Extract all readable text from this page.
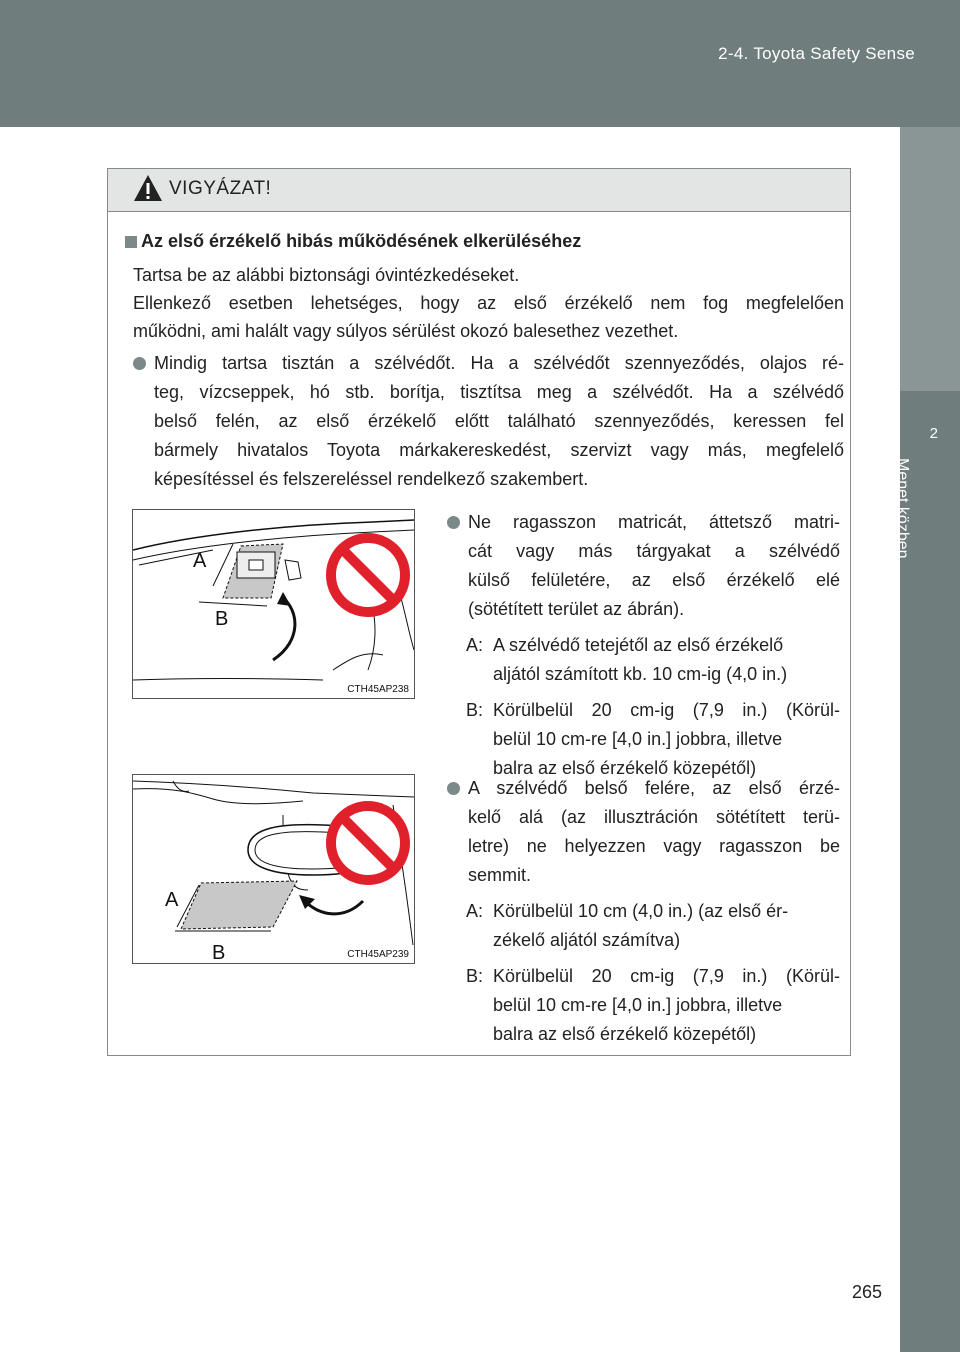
2-4. Toyota Safety Sense
2
Menet közben
VIGYÁZAT!
Az első érzékelő hibás működésének elkerüléséhez
Tartsa be az alábbi biztonsági óvintézkedéseket.
Ellenkező esetben lehetséges, hogy az első érzékelő nem fog megfelelően
működni, ami halált vagy súlyos sérülést okozó balesethez vezethet.
Mindig tartsa tisztán a szélvédőt. Ha a szélvédőt szennyeződés, olajos ré-
teg, vízcseppek, hó stb. borítja, tisztítsa meg a szélvédőt. Ha a szélvédő
belső felén, az első érzékelő előtt található szennyeződés, keressen fel
bármely hivatalos Toyota márkakereskedést, szervizt vagy más, megfelelő
képesítéssel és felszereléssel rendelkező szakembert.
A
B
CTH45AP238
Ne ragasszon matricát, áttetsző matri-
cát vagy más tárgyakat a szélvédő
külső felületére, az első érzékelő elé
(sötétített terület az ábrán).
A: A szélvédő tetejétől az első érzékelő
aljától számított kb. 10 cm-ig (4,0 in.)
B: Körülbelül 20 cm-ig (7,9 in.) (Körül-
belül 10 cm-re [4,0 in.] jobbra, illetve
balra az első érzékelő közepétől)
A
B	CTH45AP239
A szélvédő belső felére, az első érzé-
kelő alá (az illusztráción sötétített terü-
letre) ne helyezzen vagy ragasszon be
semmit.
A: Körülbelül 10 cm (4,0 in.) (az első ér-
zékelő aljától számítva)
B: Körülbelül 20 cm-ig (7,9 in.) (Körül-
belül 10 cm-re [4,0 in.] jobbra, illetve
balra az első érzékelő közepétől)
265
